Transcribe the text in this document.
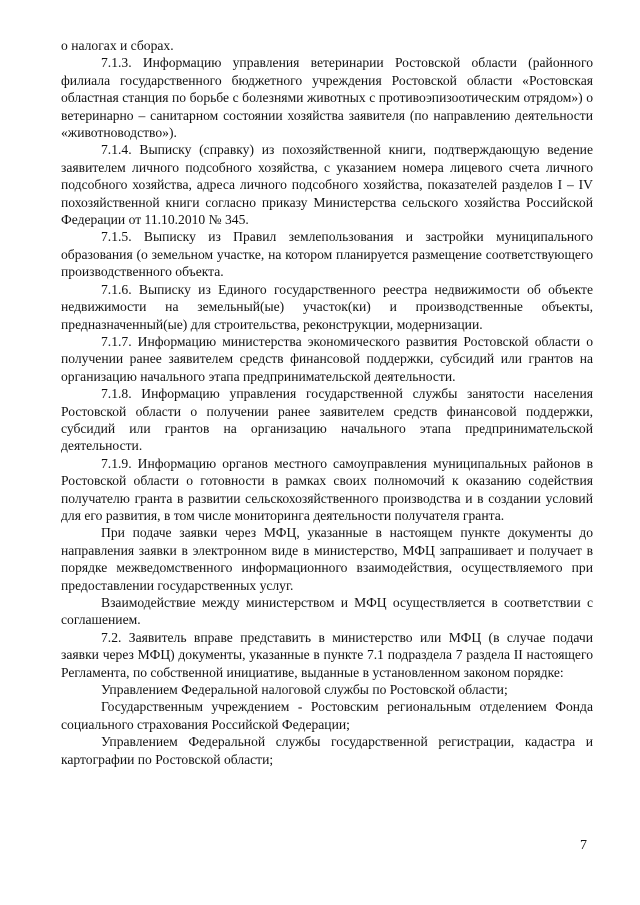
о налогах и сборах.

7.1.3. Информацию управления ветеринарии Ростовской области (районного филиала государственного бюджетного учреждения Ростовской области «Ростовская областная станция по борьбе с болезнями животных с противоэпизоотическим отрядом») о ветеринарно – санитарном состоянии хозяйства заявителя (по направлению деятельности «животноводство»).

7.1.4. Выписку (справку) из похозяйственной книги, подтверждающую ведение заявителем личного подсобного хозяйства, с указанием номера лицевого счета личного подсобного хозяйства, адреса личного подсобного хозяйства, показателей разделов I – IV похозяйственной книги согласно приказу Министерства сельского хозяйства Российской Федерации от 11.10.2010 № 345.

7.1.5. Выписку из Правил землепользования и застройки муниципального образования (о земельном участке, на котором планируется размещение соответствующего производственного объекта.

7.1.6. Выписку из Единого государственного реестра недвижимости об объекте недвижимости на земельный(ые) участок(ки) и производственные объекты, предназначенный(ые) для строительства, реконструкции, модернизации.

7.1.7. Информацию министерства экономического развития Ростовской области о получении ранее заявителем средств финансовой поддержки, субсидий или грантов на организацию начального этапа предпринимательской деятельности.

7.1.8. Информацию управления государственной службы занятости населения Ростовской области о получении ранее заявителем средств финансовой поддержки, субсидий или грантов на организацию начального этапа предпринимательской деятельности.

7.1.9. Информацию органов местного самоуправления муниципальных районов в Ростовской области о готовности в рамках своих полномочий к оказанию содействия получателю гранта в развитии сельскохозяйственного производства и в создании условий для его развития, в том числе мониторинга деятельности получателя гранта.

При подаче заявки через МФЦ, указанные в настоящем пункте документы до направления заявки в электронном виде в министерство, МФЦ запрашивает и получает в порядке межведомственного информационного взаимодействия, осуществляемого при предоставлении государственных услуг.

Взаимодействие между министерством и МФЦ осуществляется в соответствии с соглашением.

7.2. Заявитель вправе представить в министерство или МФЦ (в случае подачи заявки через МФЦ) документы, указанные в пункте 7.1 подраздела 7 раздела II настоящего Регламента, по собственной инициативе, выданные в установленном законом порядке:

Управлением Федеральной налоговой службы по Ростовской области;

Государственным учреждением - Ростовским региональным отделением Фонда социального страхования Российской Федерации;

Управлением Федеральной службы государственной регистрации, кадастра и картографии по Ростовской области;

7
